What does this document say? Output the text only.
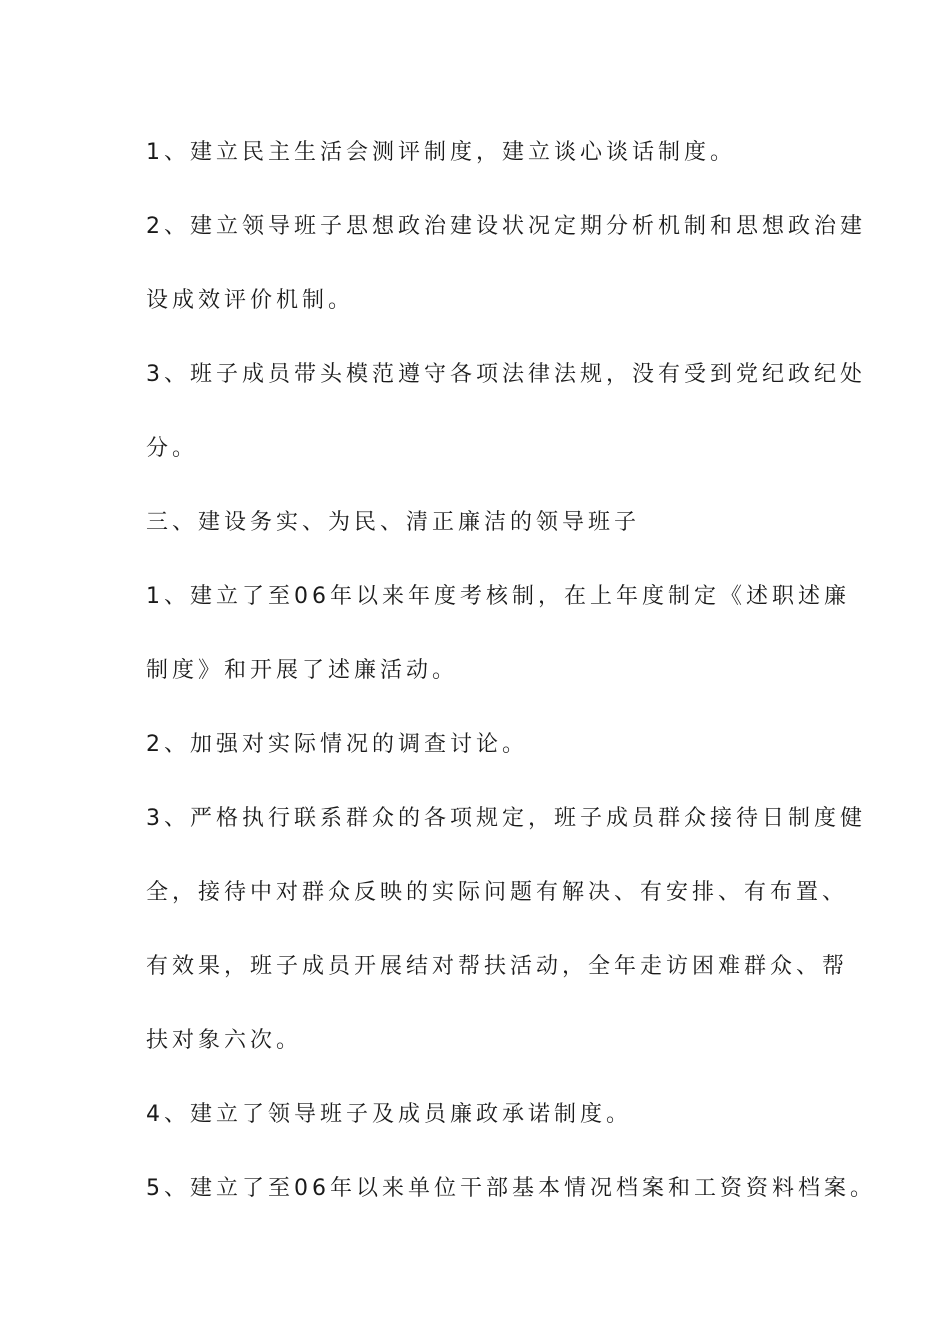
1、建立民主生活会测评制度，建立谈心谈话制度。
2、建立领导班子思想政治建设状况定期分析机制和思想政治建
设成效评价机制。
3、班子成员带头模范遵守各项法律法规，没有受到党纪政纪处
分。
三、建设务实、为民、清正廉洁的领导班子
1、建立了至06年以来年度考核制，在上年度制定《述职述廉
制度》和开展了述廉活动。
2、加强对实际情况的调查讨论。
3、严格执行联系群众的各项规定，班子成员群众接待日制度健
全，接待中对群众反映的实际问题有解决、有安排、有布置、
有效果，班子成员开展结对帮扶活动，全年走访困难群众、帮
扶对象六次。
4、建立了领导班子及成员廉政承诺制度。
5、建立了至06年以来单位干部基本情况档案和工资资料档案。
